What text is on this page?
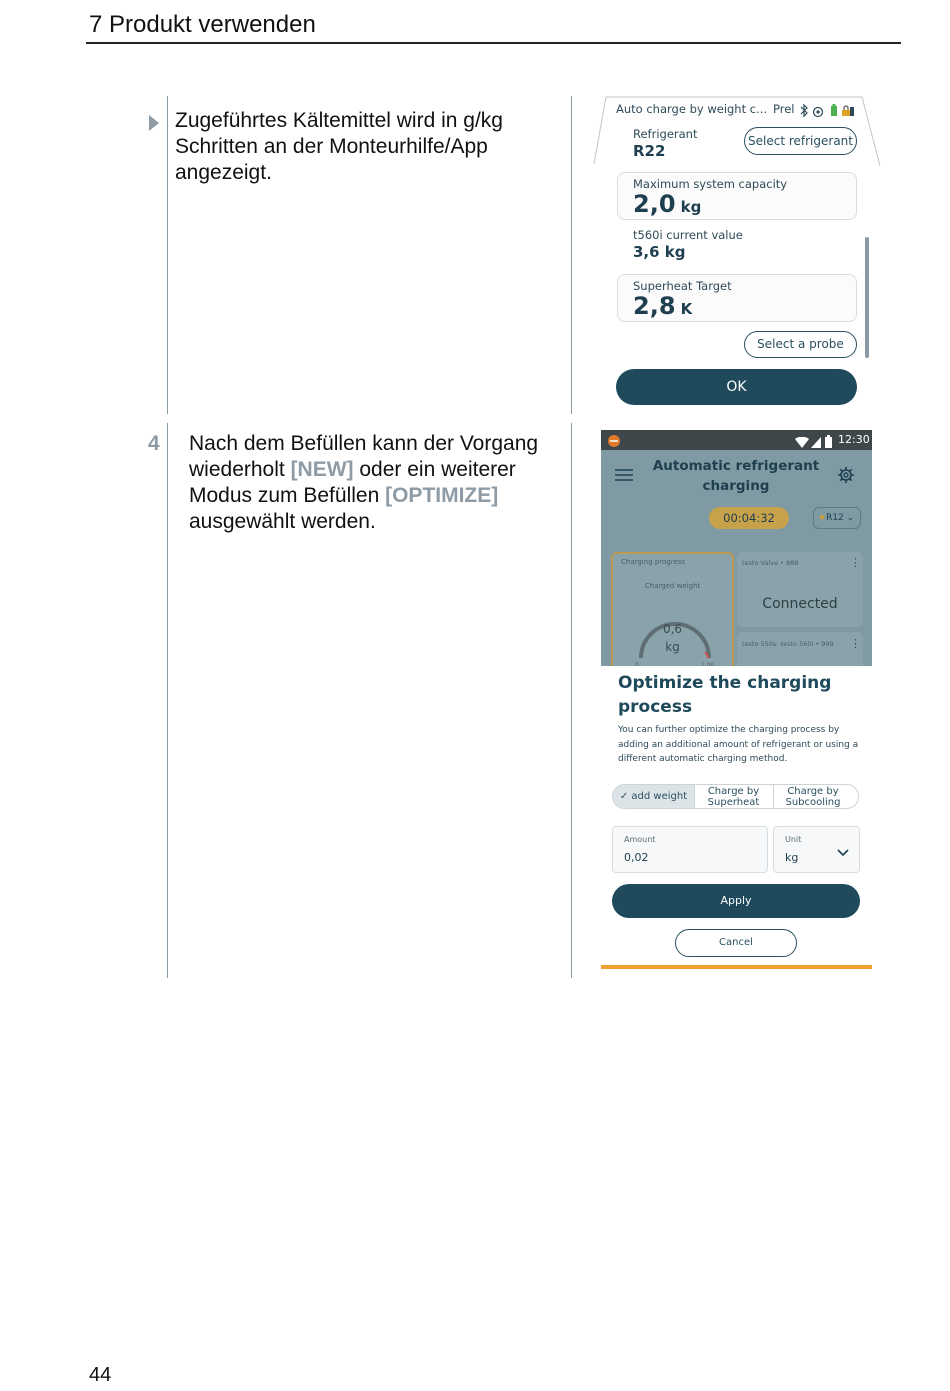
7 Produkt verwenden
Zugeführtes Kältemittel wird in g/kg Schritten an der Monteurhilfe/App angezeigt.
4 Nach dem Befüllen kann der Vorgang wiederholt [NEW] oder ein weiterer Modus zum Befüllen [OPTIMIZE] ausgewählt werden.
Auto charge by weight c... Prel
Refrigerant
R22
Select refrigerant
Maximum system capacity
2,0 kg
t560i current value
3,6 kg
Superheat Target
2,8 K
Select a probe
OK
12:30
Automatic refrigerant
charging
00:04:32	★R12 ⌄
Charging progress
Charged weight
0,6
kg
testo Valve • 888	⋮
Connected
testo 550s: testo 560i • 999 ⋮
Optimize the charging
process
You can further optimize the charging process by
adding an additional amount of refrigerant or using a
different automatic charging method.
✓ add weight	Charge by
Superheat
Charge by
Subcooling
Amount
0,02
Unit
kg
Apply
Cancel
44
